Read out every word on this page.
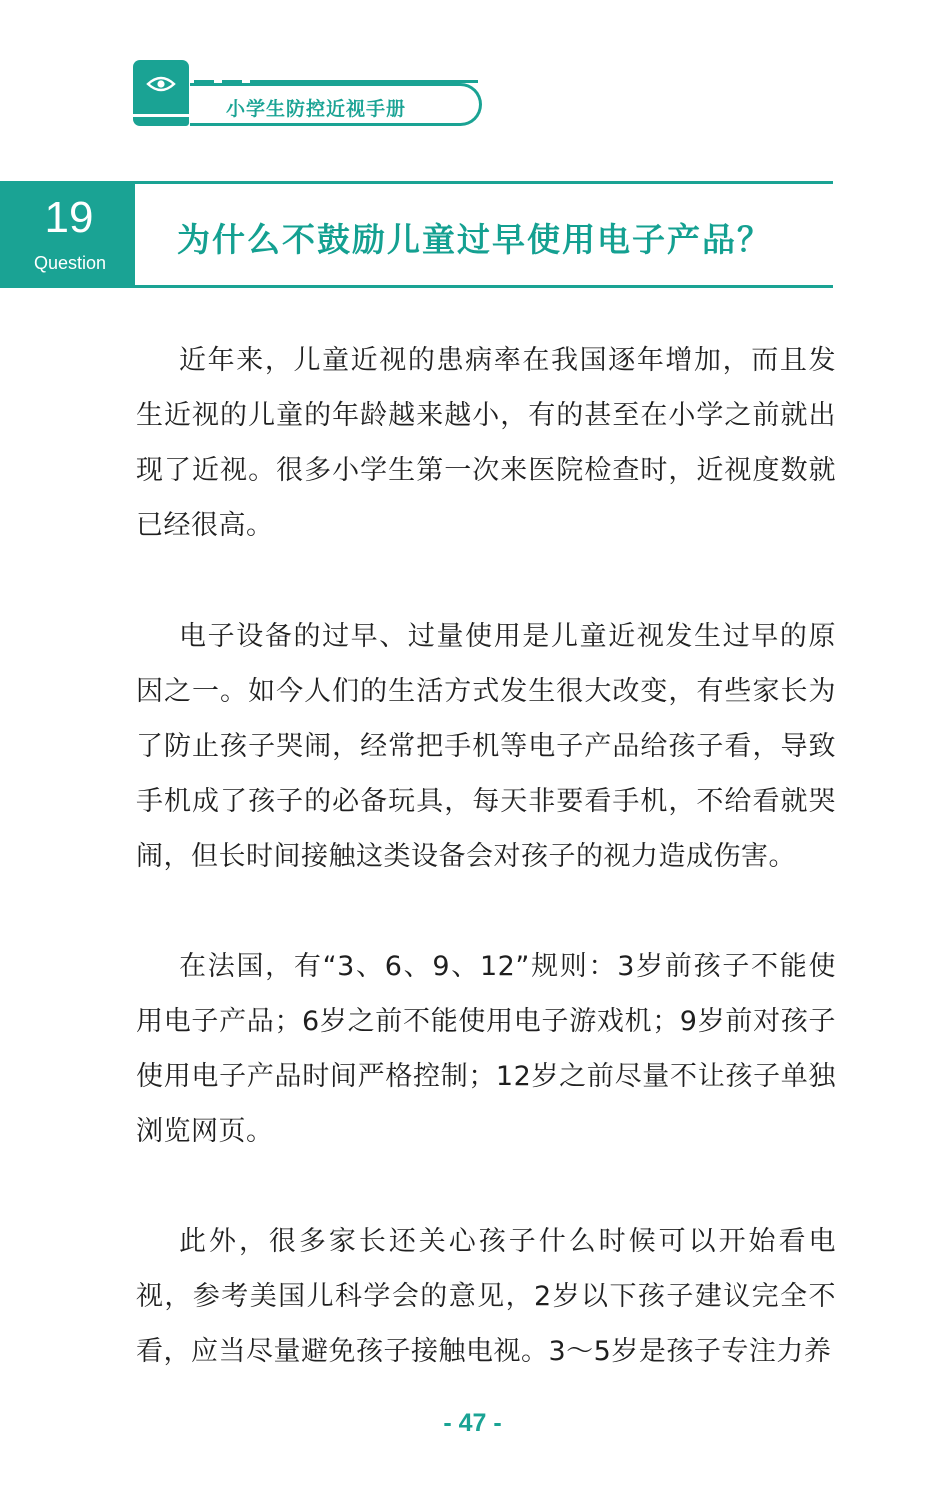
小学生防控近视手册
19
Question
为什么不鼓励儿童过早使用电子产品？

近年来，儿童近视的患病率在我国逐年增加，而且发生近视的儿童的年龄越来越小，有的甚至在小学之前就出现了近视。很多小学生第一次来医院检查时，近视度数就已经很高。

电子设备的过早、过量使用是儿童近视发生过早的原因之一。如今人们的生活方式发生很大改变，有些家长为了防止孩子哭闹，经常把手机等电子产品给孩子看，导致手机成了孩子的必备玩具，每天非要看手机，不给看就哭闹，但长时间接触这类设备会对孩子的视力造成伤害。

在法国，有“3、6、9、12”规则：3岁前孩子不能使用电子产品；6岁之前不能使用电子游戏机；9岁前对孩子使用电子产品时间严格控制；12岁之前尽量不让孩子单独浏览网页。

此外，很多家长还关心孩子什么时候可以开始看电视，参考美国儿科学会的意见，2岁以下孩子建议完全不看，应当尽量避免孩子接触电视。3～5岁是孩子专注力养

- 47 -
